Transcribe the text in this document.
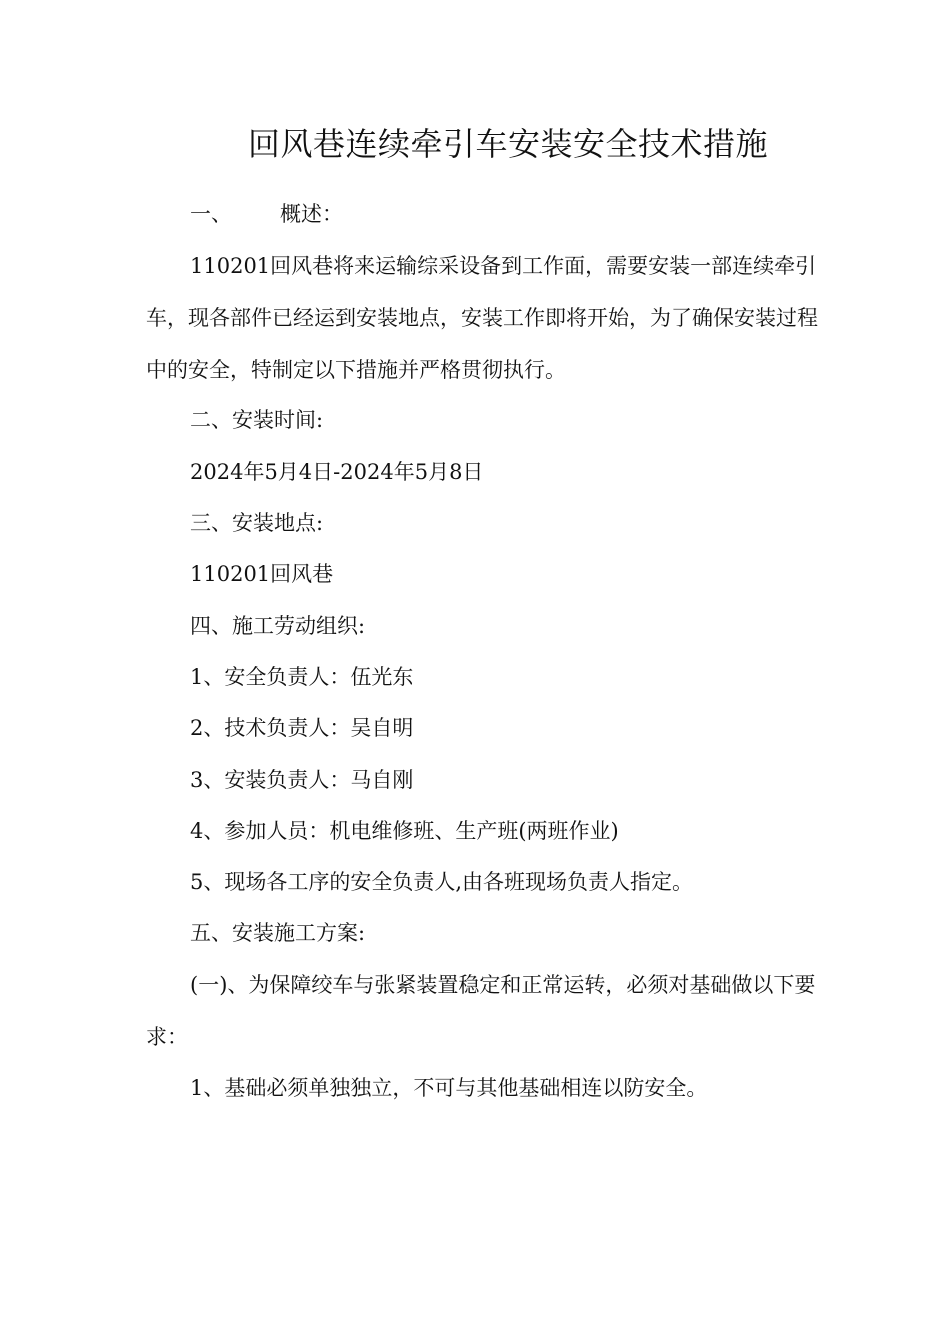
回风巷连续牵引车安装安全技术措施
一、 概述：
110201回风巷将来运输综采设备到工作面，需要安装一部连续牵引车，现各部件已经运到安装地点，安装工作即将开始，为了确保安装过程中的安全，特制定以下措施并严格贯彻执行。
二、安装时间:
2024年5月4日-2024年5月8日
三、安装地点:
110201回风巷
四、施工劳动组织:
1、安全负责人：伍光东
2、技术负责人：吴自明
3、安装负责人：马自刚
4、参加人员：机电维修班、生产班(两班作业)
5、现场各工序的安全负责人,由各班现场负责人指定。
五、安装施工方案:
(一)、为保障绞车与张紧装置稳定和正常运转，必须对基础做以下要求：
1、基础必须单独独立，不可与其他基础相连以防安全。
